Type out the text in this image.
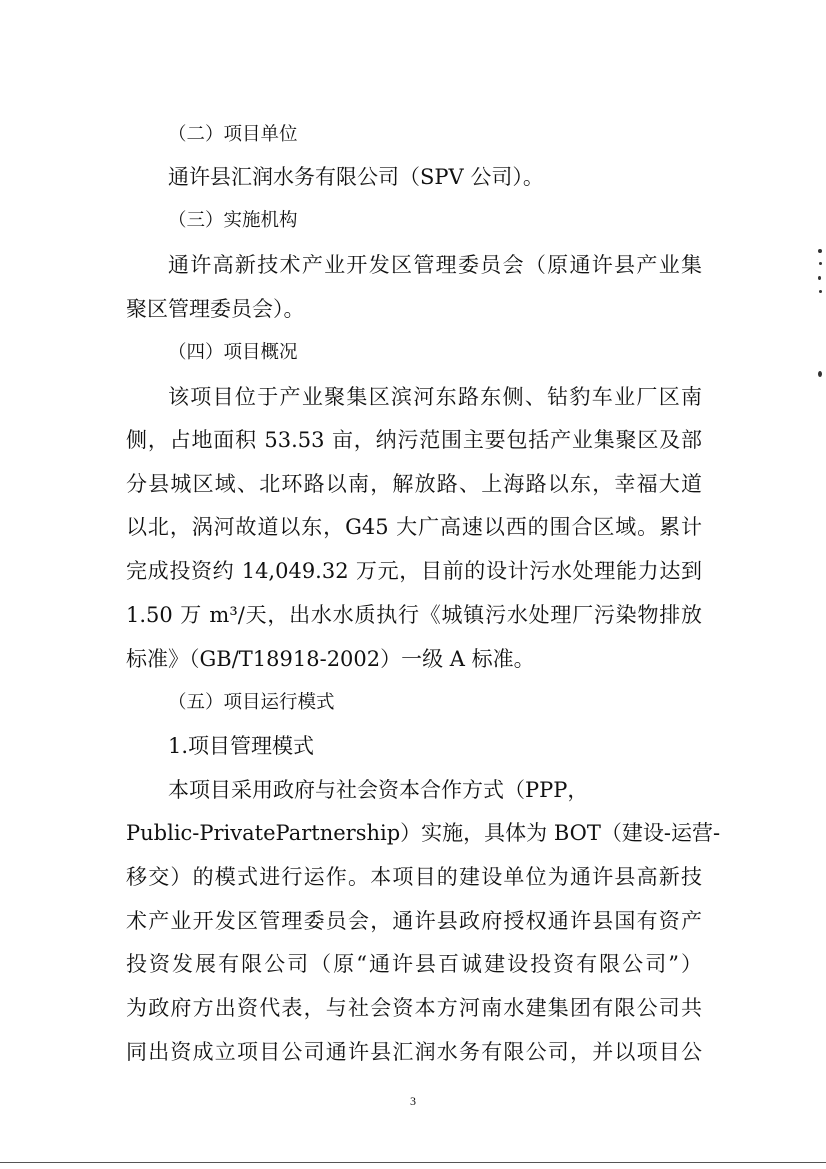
（二）项目单位
通许县汇润水务有限公司（SPV 公司）。
（三）实施机构
通许高新技术产业开发区管理委员会（原通许县产业集
聚区管理委员会）。
（四）项目概况
该项目位于产业聚集区滨河东路东侧、钻豹车业厂区南
侧，占地面积 53.53 亩，纳污范围主要包括产业集聚区及部
分县城区域、北环路以南，解放路、上海路以东，幸福大道
以北，涡河故道以东，G45 大广高速以西的围合区域。累计
完成投资约 14,049.32 万元，目前的设计污水处理能力达到
1.50 万 m³/天，出水水质执行《城镇污水处理厂污染物排放
标准》（GB/T18918-2002）一级 A 标准。
（五）项目运行模式
1.项目管理模式
本项目采用政府与社会资本合作方式（PPP，
Public-PrivatePartnership）实施，具体为 BOT（建设-运营-
移交）的模式进行运作。本项目的建设单位为通许县高新技
术产业开发区管理委员会，通许县政府授权通许县国有资产
投资发展有限公司（原“通许县百诚建设投资有限公司”）
为政府方出资代表，与社会资本方河南水建集团有限公司共
同出资成立项目公司通许县汇润水务有限公司，并以项目公
3
